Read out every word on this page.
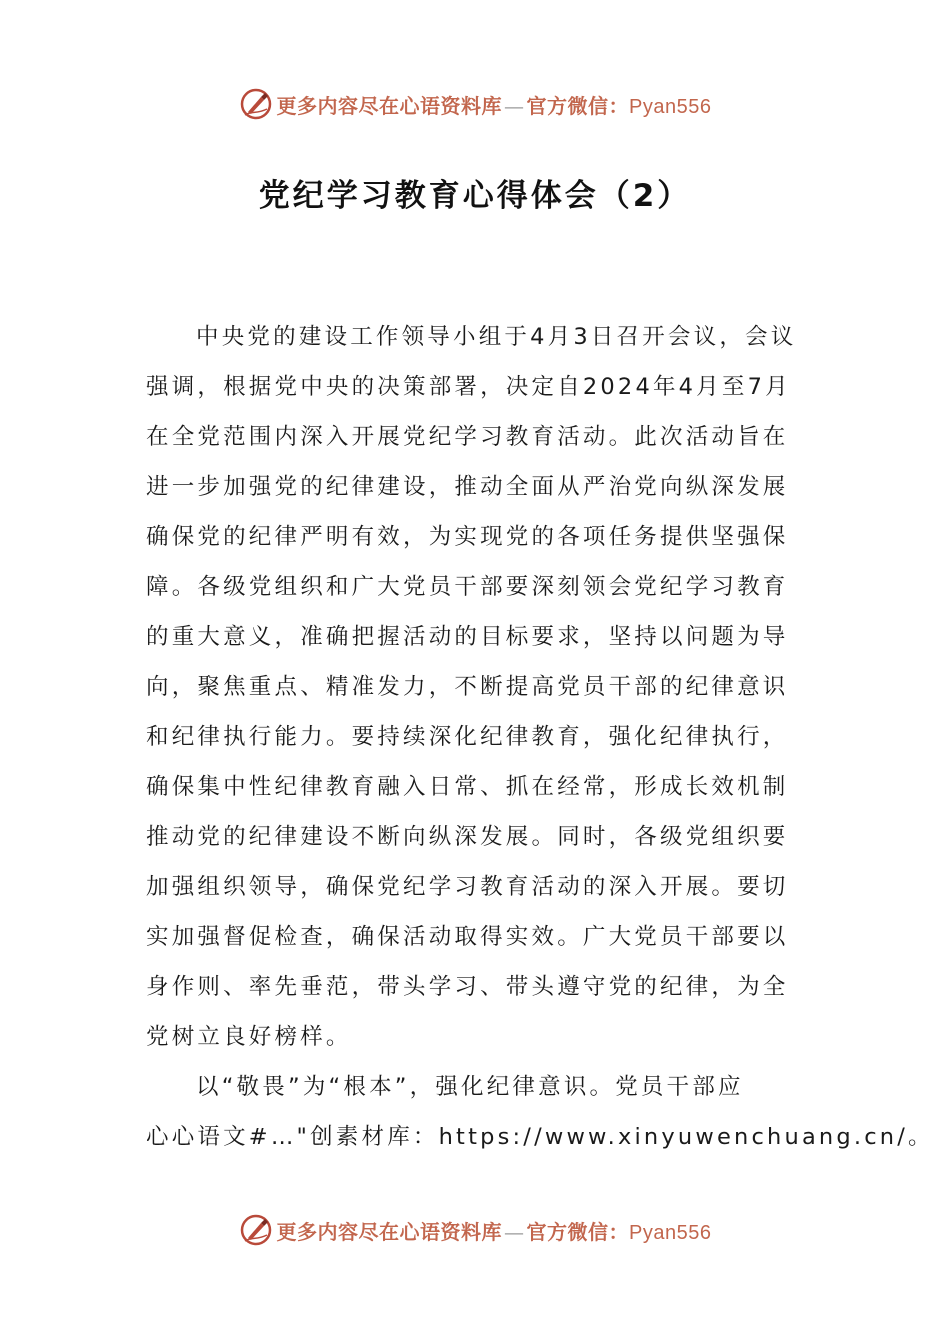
更多内容尽在心语资料库 — 官方微信：Pyan556
党纪学习教育心得体会（2）
中央党的建设工作领导小组于4月3日召开会议，会议
强调，根据党中央的决策部署，决定自2024年4月至7月
在全党范围内深入开展党纪学习教育活动。此次活动旨在
进一步加强党的纪律建设，推动全面从严治党向纵深发展
确保党的纪律严明有效，为实现党的各项任务提供坚强保
障。各级党组织和广大党员干部要深刻领会党纪学习教育
的重大意义，准确把握活动的目标要求，坚持以问题为导
向，聚焦重点、精准发力，不断提高党员干部的纪律意识
和纪律执行能力。要持续深化纪律教育，强化纪律执行，
确保集中性纪律教育融入日常、抓在经常，形成长效机制
推动党的纪律建设不断向纵深发展。同时，各级党组织要
加强组织领导，确保党纪学习教育活动的深入开展。要切
实加强督促检查，确保活动取得实效。广大党员干部要以
身作则、率先垂范，带头学习、带头遵守党的纪律，为全
党树立良好榜样。
以“敬畏”为“根本”，强化纪律意识。党员干部应
心心语文#…"创素材库：https://www.xinyuwenchuang.cn/。
更多内容尽在心语资料库 — 官方微信：Pyan556
